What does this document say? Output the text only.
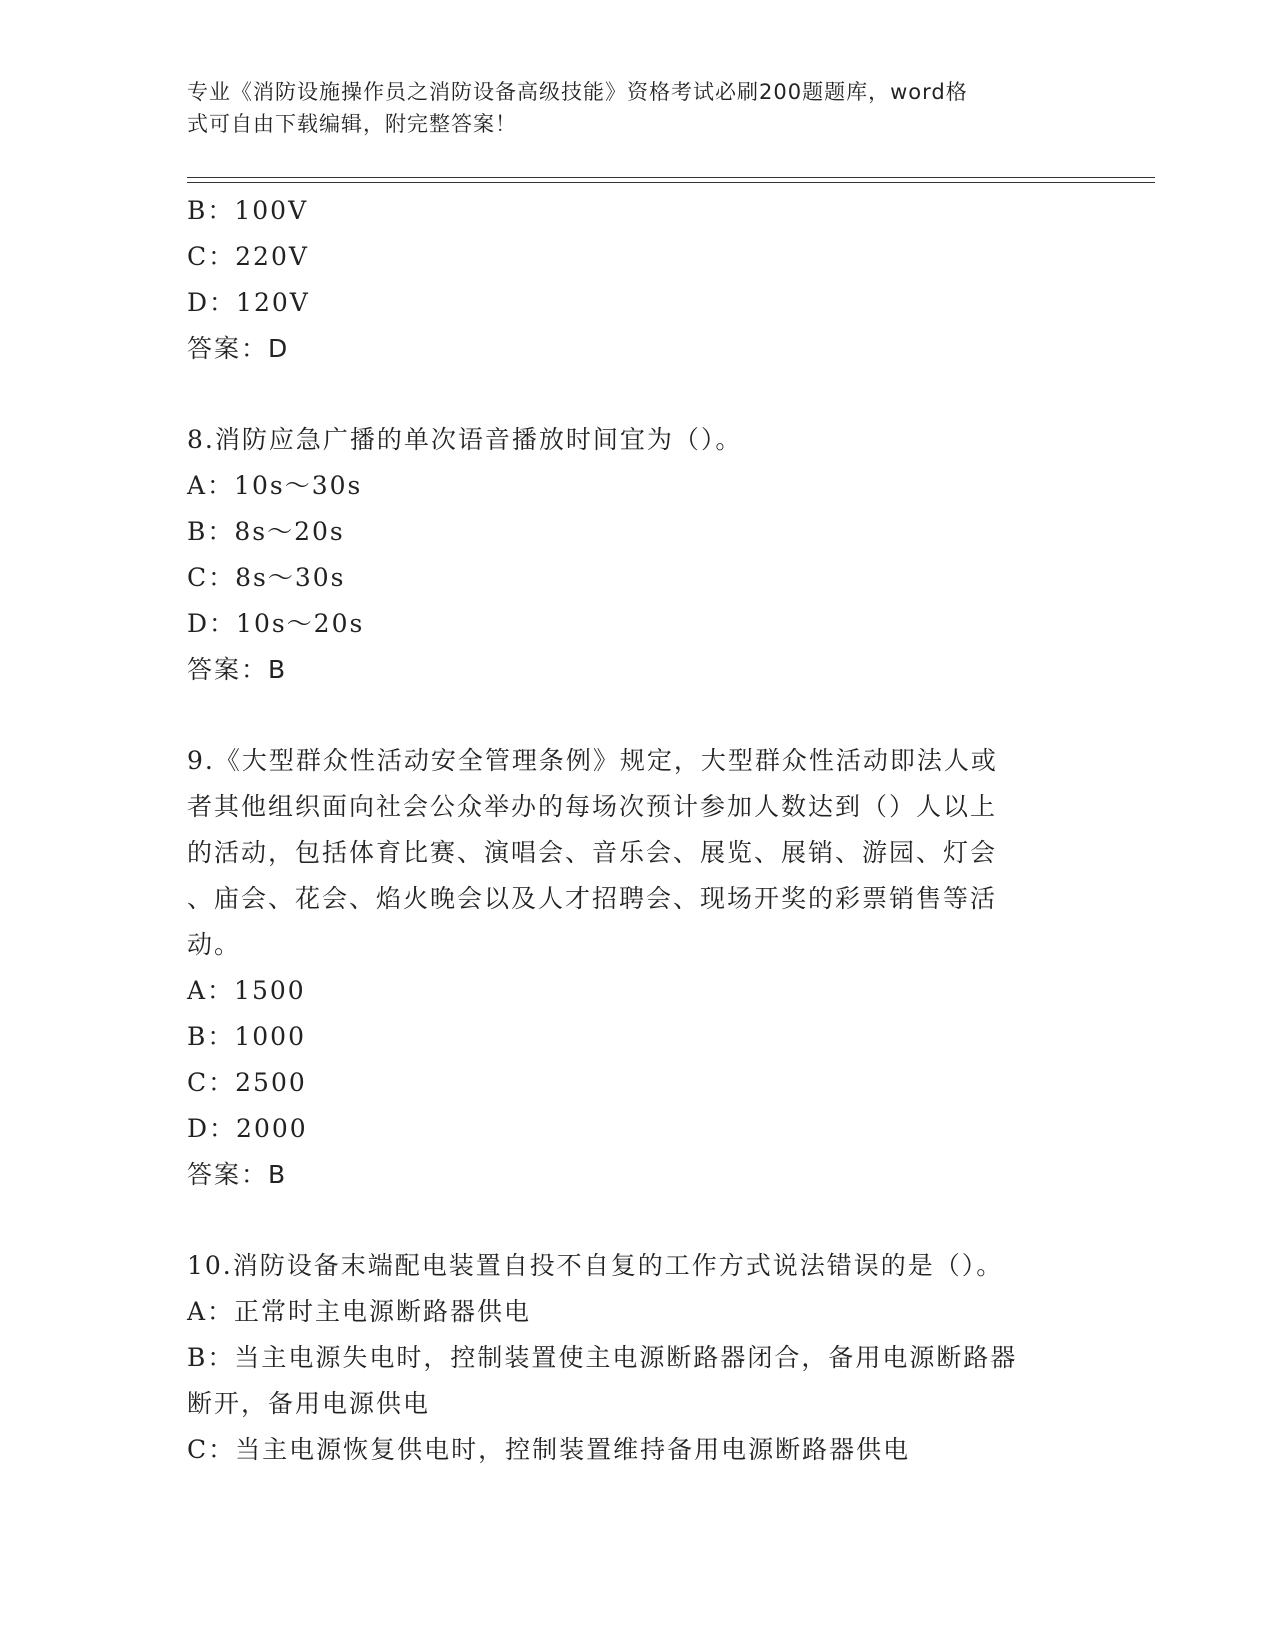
专业《消防设施操作员之消防设备高级技能》资格考试必刷200题题库，word格
式可自由下载编辑，附完整答案！
B：100V
C：220V
D：120V
答案：D
8.消防应急广播的单次语音播放时间宜为（）。
A：10s～30s
B：8s～20s
C：8s～30s
D：10s～20s
答案：B
9.《大型群众性活动安全管理条例》规定，大型群众性活动即法人或
者其他组织面向社会公众举办的每场次预计参加人数达到（）人以上
的活动，包括体育比赛、演唱会、音乐会、展览、展销、游园、灯会
、庙会、花会、焰火晚会以及人才招聘会、现场开奖的彩票销售等活
动。
A：1500
B：1000
C：2500
D：2000
答案：B
10.消防设备末端配电装置自投不自复的工作方式说法错误的是（）。
A：正常时主电源断路器供电
B：当主电源失电时，控制装置使主电源断路器闭合，备用电源断路器
断开，备用电源供电
C：当主电源恢复供电时，控制装置维持备用电源断路器供电
